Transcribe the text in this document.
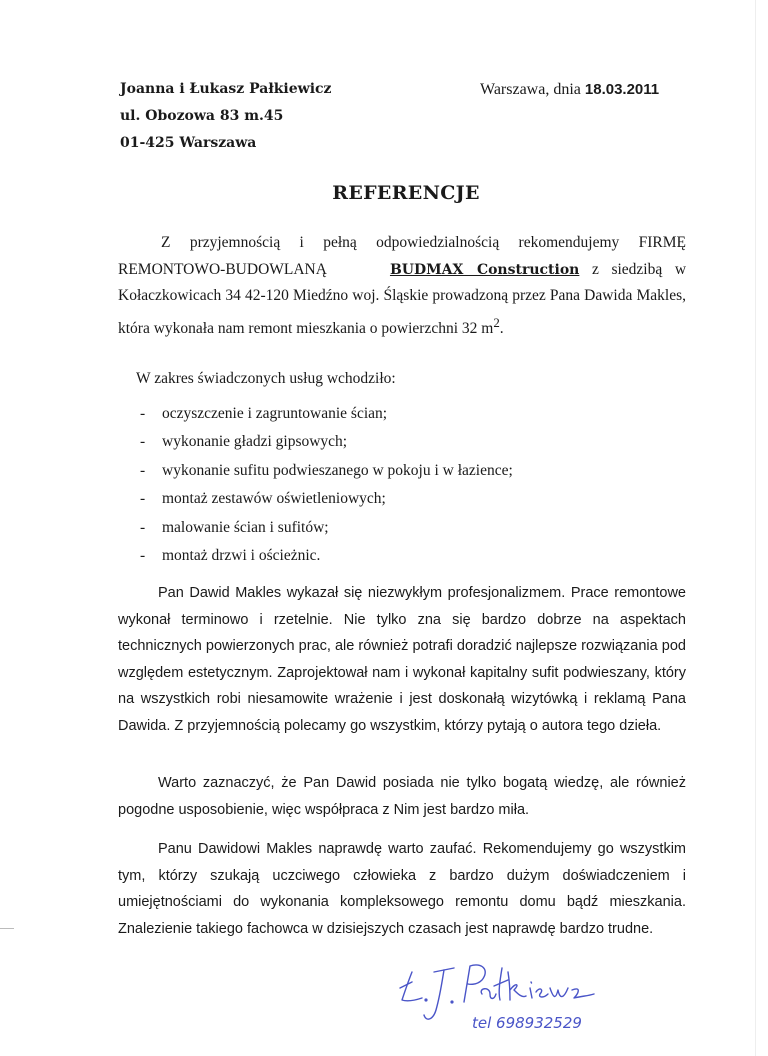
Joanna i Łukasz Pałkiewicz
ul. Obozowa 83 m.45
01-425 Warszawa
Warszawa, dnia 18.03.2011
REFERENCJE
Z przyjemnością i pełną odpowiedzialnością rekomendujemy FIRMĘ REMONTOWO-BUDOWLANĄ	BUDMAX Construction z siedzibą w Kołaczkowicach 34 42-120 Miedźno woj. Śląskie prowadzoną przez Pana Dawida Makles, która wykonała nam remont mieszkania o powierzchni 32 $m^2$.
W zakres świadczonych usług wchodziło:
- oczyszczenie i zagruntowanie ścian;
- wykonanie gładzi gipsowych;
- wykonanie sufitu podwieszanego w pokoju i w łazience;
- montaż zestawów oświetleniowych;
- malowanie ścian i sufitów;
- montaż drzwi i ościeżnic.
Pan Dawid Makles wykazał się niezwykłym profesjonalizmem. Prace remontowe wykonał terminowo i rzetelnie. Nie tylko zna się bardzo dobrze na aspektach technicznych powierzonych prac, ale również potrafi doradzić najlepsze rozwiązania pod względem estetycznym. Zaprojektował nam i wykonał kapitalny sufit podwieszany, który na wszystkich robi niesamowite wrażenie i jest doskonałą wizytówką i reklamą Pana Dawida. Z przyjemnością polecamy go wszystkim, którzy pytają o autora tego dzieła.
Warto zaznaczyć, że Pan Dawid posiada nie tylko bogatą wiedzę, ale również pogodne usposobienie, więc współpraca z Nim jest bardzo miła.
Panu Dawidowi Makles naprawdę warto zaufać. Rekomendujemy go wszystkim tym, którzy szukają uczciwego człowieka z bardzo dużym doświadczeniem i umiejętnościami do wykonania kompleksowego remontu domu bądź mieszkania. Znalezienie takiego fachowca w dzisiejszych czasach jest naprawdę bardzo trudne.
tel 698932529
